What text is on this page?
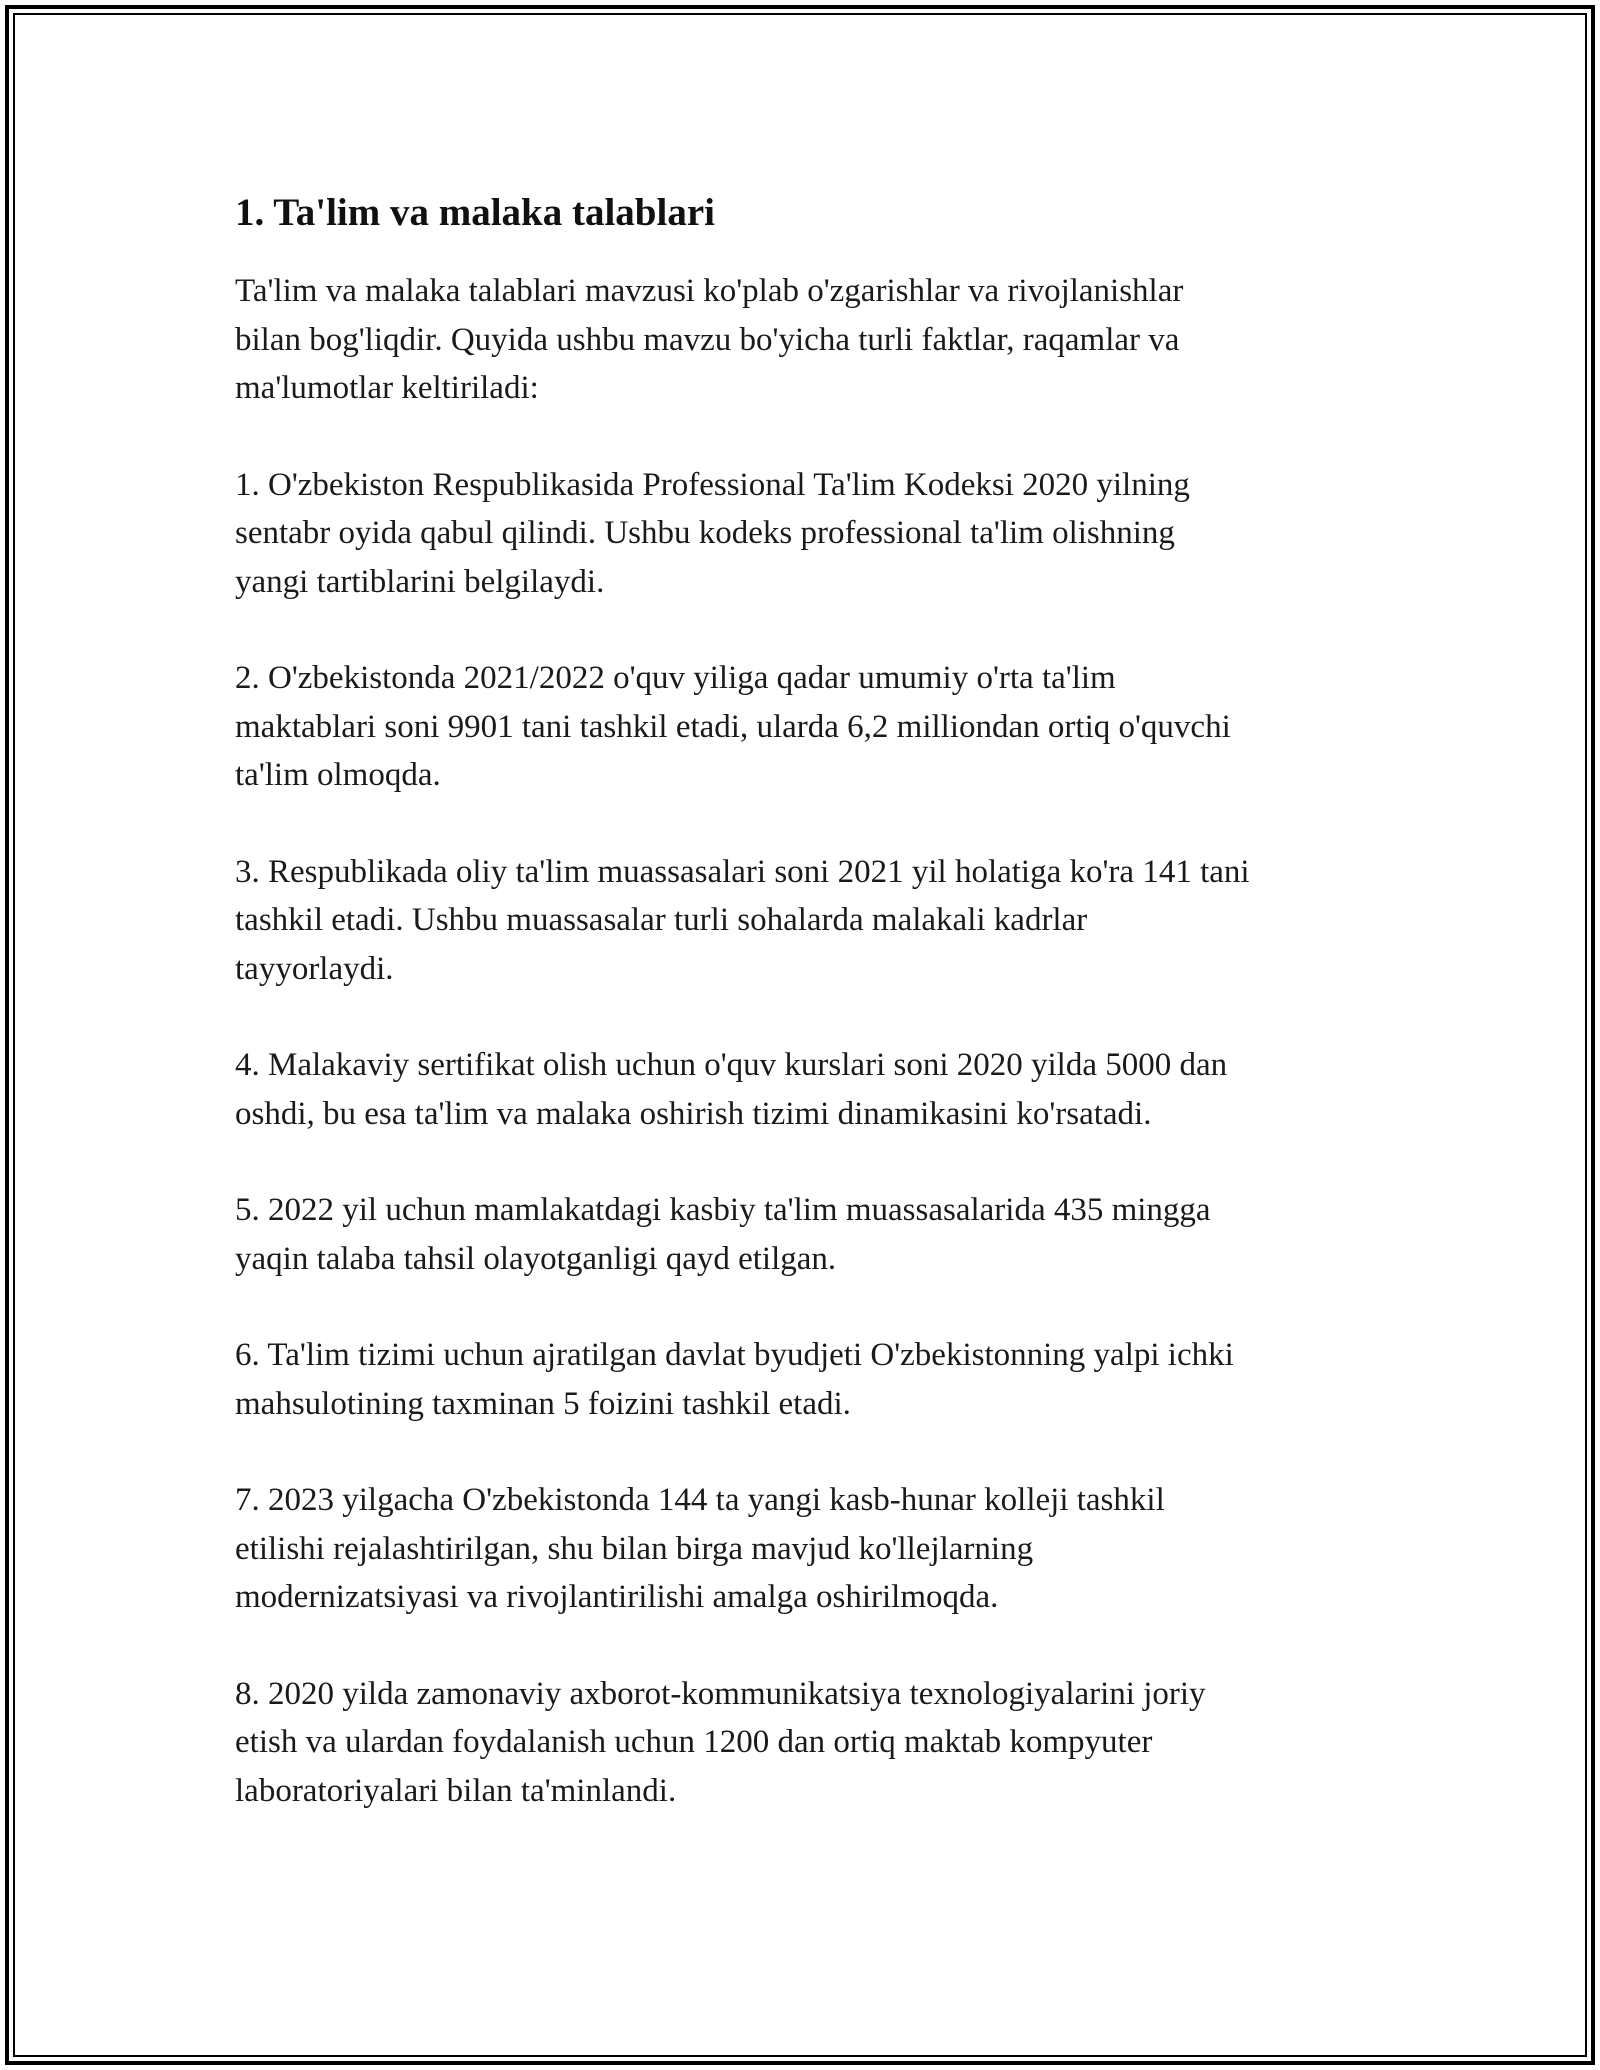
1. Ta'lim va malaka talablari

Ta'lim va malaka talablari mavzusi ko'plab o'zgarishlar va rivojlanishlar
bilan bog'liqdir. Quyida ushbu mavzu bo'yicha turli faktlar, raqamlar va
ma'lumotlar keltiriladi:

1. O'zbekiston Respublikasida Professional Ta'lim Kodeksi 2020 yilning
sentabr oyida qabul qilindi. Ushbu kodeks professional ta'lim olishning
yangi tartiblarini belgilaydi.

2. O'zbekistonda 2021/2022 o'quv yiliga qadar umumiy o'rta ta'lim
maktablari soni 9901 tani tashkil etadi, ularda 6,2 milliondan ortiq o'quvchi
ta'lim olmoqda.

3. Respublikada oliy ta'lim muassasalari soni 2021 yil holatiga ko'ra 141 tani
tashkil etadi. Ushbu muassasalar turli sohalarda malakali kadrlar
tayyorlaydi.

4. Malakaviy sertifikat olish uchun o'quv kurslari soni 2020 yilda 5000 dan
oshdi, bu esa ta'lim va malaka oshirish tizimi dinamikasini ko'rsatadi.

5. 2022 yil uchun mamlakatdagi kasbiy ta'lim muassasalarida 435 mingga
yaqin talaba tahsil olayotganligi qayd etilgan.

6. Ta'lim tizimi uchun ajratilgan davlat byudjeti O'zbekistonning yalpi ichki
mahsulotining taxminan 5 foizini tashkil etadi.

7. 2023 yilgacha O'zbekistonda 144 ta yangi kasb-hunar kolleji tashkil
etilishi rejalashtirilgan, shu bilan birga mavjud ko'llejlarning
modernizatsiyasi va rivojlantirilishi amalga oshirilmoqda.

8. 2020 yilda zamonaviy axborot-kommunikatsiya texnologiyalarini joriy
etish va ulardan foydalanish uchun 1200 dan ortiq maktab kompyuter
laboratoriyalari bilan ta'minlandi.
